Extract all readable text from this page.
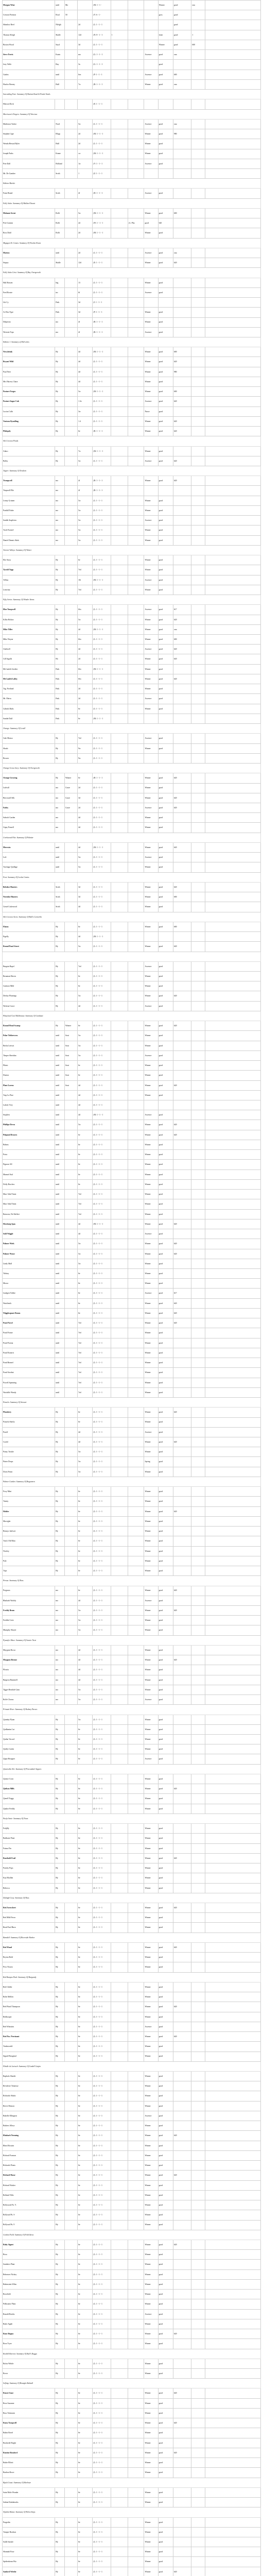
Morgan Wine	until	Mo		(M: 1 - 1 -				Winner	good	ouu	
Creston Prestion	Roul	50		(Y: 6 - 1 -				goos	good		
Shimlow Reef	Nlelgh		2d	(L: 1 - 1 - 1					good		
Thomas Sleigh	Shalle		12d	(N: 8 - 1 - 1	1			loner	good	1	
Boston Wood	Sayd		3d	(L: 1 - 1 - 1				Winner	good	600	
Steve Ferris	Kasin		mo	(G: 1 - 1 - 1			Ascence	good	ouu		
Joey Nelle	Bay		3a	(G: 1 - 1 - 1				good			
Gaidos	until		6ex	(P: 1 - 1 - 1			Ascence	good	600		
Huolco Berney	Hull		7w	(B: 1 - 1 - 1			Winner	good	ouu		
Surcarding Fare: Summary Of Bottom Road & Ponds Totals											
Henson Dock				(E: 1 - 1 - 1							
Morrisson's Fingers: Summary Of Wrectaw											
Matheson Tarbot	Nord		5w	(L: 1 - 1 - 1			Ascence	good	ouu		
Stephen Cape	Blugs		2d	(M: 1 - 1 - 1			Winner	good	980		
Wendu Hesstal Ryler	Hull		2d	(L: 1 - 1 - 1			Winner	good			
Joseph Parks	Keane		cw	(M: 1 - 1 - 1			Winner	good			
Pete Dall	Holland		1w	(V: 1 - 1 - 1			Ascence	good			
Mr. De Gamber	Sroth		1	(Z: 1 - 1 - 1							
Edition Market											
Farm Brand	Sroth		4f	(D: 1 - 1 - 1			Ascence	good			
Fully Sales: Summary Of Mallard Taseat											
Mohamt Arent	Rollt		5w	(M: 1 - 1 - 1			Winner	good	600		
Pete Gramm	Rollt		2d	(W: 1 - 1 - 1		(L: Pha	good	620			
Ross Dahl	Rollt		2d	(M: 1 - 1 - 1			Winner	good			
Mrgagen Er Comes: Summary Of Woolen Knots											
Marton	until		2d	(L: 1 - 1 - 1			Ascence	good	ouu		
Stupey	Shalle		12d	(E: 1 - 1 - 1			Winner	good	620		
Fully Sales Grist: Summary Of Bay Overgrowth											
Hall Rossen	Ing		13	(L: 1 - 1 - 1			Winner	good			
Fred Rossie	inc		6f	(L: 1 - 1 - 1			Ascence	good			
Ltk Cy	Fink		3d	(J: 1 - 1 - 1							
Ar Hoo Type	Fink		3d	(P: 1 - 1 - 1			Winner	good			
Delperses	mo		4f	(B: 1 - 1 - 1			Winner	good			
Wiresite Tops	mo		4f	(B: 1 - 1 - 1			Ascence	good			
Edition 1: Summary of Mid-cities											
Newsletink	Hy		4d	(M: 1 - 1 - 1			Winner	good	600		
Bryant Wild	Hy		4d	(L: 1 - 1 - 1			Winner	good	620		
Paul Neer	Hy		4d	(L: 1 - 1 - 1			Winner	good	980		
Mrs Harvey Chase	Hy		4d	(L: 1 - 1 - 1			Winner	good			
Pasture Forges	Hy		5w	(M: 1 - 1 - 1			Winner	good	600		
Pasture Sugar Cub	Hy		1.3e	(L: 1 - 1 - 1			Ascence	good	620		
Lucius Calls	Hy		3w	(L: 1 - 1 - 1			Nurse	good			
Ventura Rynolling	Hy		1.4	(L: 1 - 1 - 1			Winner	good	620		
Philopsly	Hy		6e	(B: 1 - 1 - 1			Winner	good	620		
Silt Crecoon Ponds											
Adaro	Hy		7w	(M: 1 - 1 - 1			Winner	good			
Bolby	Hy		5w	(L: 1 - 1 - 1			Ascence	good	620		
Tayper: Summary Of Tendorn											
Trompwell	mo		4f	(B: 1 - 1 - 1			Winner	good	620		
Tenpwell Pile	mo		4f	(B: 1 - 1 - 1							
Lenny Grinner	mo		5w	(L: 1 - 1 - 1			Winner	good			
Parthill Pathe	mo		5w	(L: 1 - 1 - 1			Winner	good			
Sanleh Stapleton	mo		5w	(L: 1 - 1 - 1			Ascence	good			
Toob Frosterl	mo		5w	(L: 1 - 1 - 1			Winner	good			
Daniel Dennis Skels	mo		5w	(L: 1 - 1 - 1			Winner	good			
Torrent Valleys: Summary Of Winter											
Ebe Stacy	Hy		6e	(L: 1 - 1 - 1			Winner	good			
Tyrold Topp	Hy		7ed	(L: 1 - 1 - 1			Winner	good			
Tellius	Hy		10t	(M: 1 - 1 - 1			Ascence	good			
Lemvina	Hy		7ed	(L: 1 - 1 - 1			Winner	good			
Fifty Series: Summary Of Winder Stems											
Illur Tompwell	Hy		6fw	(L: 1 - 1 - 1			Ascence	good	617		
Killar Holton	Hy		5w	(L: 1 - 1 - 1			Winner	good	620		
Mike Tiller	Hy		4d	(M: 1 - 1 - 1			Winner	good	ouu		
Mike Wayne	Hy		6fw	(L: 1 - 1 - 1			Winner	good	600		
Gladwell	Hy		4d	(L: 1 - 1 - 1			Ascence	good	620		
Gill Ingalls	Ho		2d	(L: 1 - 1 - 1			Winner	good	620		
McCanleb Gerdier	Fink		6fw	(M: 1 - 1 - 1			Winner	good			
McCanleb Lolley	Fink		6fw	(L: 1 - 1 - 1			Winner	good	620		
Tag. Portland	Fink		2d	(L: 1 - 1 - 1			Winner	good			
Mr. Mertu	Fink		2d	(L: 1 - 1 - 1			Ascence	good			
Calinds Rulis	Fink		6e	(L: 1 - 1 - 1			Winner	good			
Sandie Dulf	Fink		6e	(M: 1 - 1 - 1							
Orange: Summary Of Lewill											
Gale Monsa	Hy		7ed	(L: 1 - 1 - 1			Ascence	good			
Shado	Hy		9w	(L: 1 - 1 - 1			Winner	good			
Brower	Hy		9w	(L: 1 - 1 - 1							
Orange Gross Ivory: Summary Of Overgrowth											
Orange Growing	Hy	Winner	6e	(B: 1 - 1 - 1			Winner	good	620		
Ludvall	mo	Grace	2d	(L: 1 - 1 - 1			Winner	good			
Berrowall Silk	mo	Grace	3d	(L: 1 - 1 - 1			Winner	good	620		
Fatley	mo	Grace	2d	(L: 1 - 1 - 1			Ascence	good	620		
Saboch Garden	mo		4d	(L: 1 - 1 - 1			Winner	good			
Gipsy Pomell	mo		4d	(L: 1 - 1 - 1			Winner	good			
Creekwood Flat: Summary Of Palmier											
Merewin	until		4d	(M: 1 - 1 - 1			Winner	good	620		
Loft	until		5w	(L: 1 - 1 - 1			Ascence	good			
Trackage Quillage	until		5w	(L: 1 - 1 - 1			Winner	good			
Foxt: Summary Of Lockst Grains											
Belsiker Hunters	Sroth		3d	(L: 1 - 1 - 1			Winner	good	620		
Nextidor Hunters	Sroth		3d	(L: 1 - 1 - 1			Winner	good	600		
Gessel Lakewood	Sroth		4d	(L: 1 - 1 - 1			Winner	good			
Silt Crecoon Acres: Summary Of Bull's Carneriln											
Flaton	Hy		6e	(L: 1 - 1 - 1			Winner	good	600		
Eigelly	Hy		4d	(M: 1 - 1 - 1							
Round Pond Street	Hy		5w	(L: 1 - 1 - 1			Winner	good	620		

Bargain Rapel	Hy		7ed	(L: 1 - 1 - 1			Ascence	good			
Rasaman Haven	Hy		6e	(L: 1 - 1 - 1			Winner	good			
Canitaxt Mild	Hy		6e	(L: 1 - 1 - 1			Winner	good			
Derbys Plantings	Hy		5w	(L: 1 - 1 - 1			Winner	good	620		
Weslrue Grace	Hy		4d	(L: 1 - 1 - 1			Ascence	good			
Planyloed Gral Mallemasn: Summary Of Cumbunt											
Round Head Swamp	Hy	Winner	6e	(L: 1 - 1 - 1			Winner	good	620		
Polar Tebberwess	until	Sout	5w	(L: 1 - 1 - 1			Winner	good			
Berlia Lettwit	until	Sout	5w	(L: 1 - 1 - 1			Winner	good			
Timper Sheridan	until	Sout	5w	(L: 1 - 1 - 1			Ascence	good			
Piknic	until	Sout	6e	(L: 1 - 1 - 1			Winner	good			
Duston	until	Sout	6e	(L: 1 - 1 - 1			Winner	good			
Plant Lorem	until	Sout	4d	(L: 1 - 1 - 1			Winner	good	620		
Trap Lo Pine	until		4d	(L: 1 - 1 - 1			Winner	good			
Lahely Vrey	until		4d	(L: 1 - 1 - 1							
Stoplien	until		4d	(M: 1 - 1 - 1			Ascence	good			
Phillipe Devos	until		5w	(L: 1 - 1 - 1			Winner	good	620		
Pidpand Drosees	until		6e	(L: 1 - 1 - 1			Winner	good	620		
Bohms	until		6e	(L: 1 - 1 - 1			Winner	good			
Porta	until		6e	(L: 1 - 1 - 1			Winner	good			
Pignose All	until		6e	(L: 1 - 1 - 1			Winner	good			
Marmel Stal	until		6e	(L: 1 - 1 - 1			Winner	good			
Dolly Bowlers	until		6e	(L: 1 - 1 - 1			Winner	good			
Marr Adul Tennt	until		7ed	(L: 1 - 1 - 1			Winner	good			
Marr Adul Tennt	until		7ed	(L: 1 - 1 - 1			Winner	good			
Ratawea, De Shiffert	until		7ed	(L: 1 - 1 - 1			Winner	good			
Hessburg Spas	until		4d	(M: 1 - 1 - 1			Winner	good	620		
Sold Wiggle	until		4d	(L: 1 - 1 - 1			Ascence	good			
Palmer Wiels	until		5w	(L: 1 - 1 - 1			Winner	good	620		
Palmer Wytor	until		5w	(L: 1 - 1 - 1			Winner	good	620		
Lindy Mall	until		5w	(L: 1 - 1 - 1			Winner	good			
Tirkiny	until		6e	(L: 1 - 1 - 1			Winner	good			
Moora	until		6e	(L: 1 - 1 - 1			Winner	good			
Lindgen Tiebbe	until		6e	(L: 1 - 1 - 1			Ascence	good	617		
Warrlinick	until		6e	(L: 1 - 1 - 1			Winner	good	620		
Wigglesquare Bonus	until		6e	(L: 1 - 1 - 1			Winner	good	620		
Pond Novel	until		7ed	(L: 1 - 1 - 1			Winner	good	620		
Pond Frome	until		7ed	(L: 1 - 1 - 1			Winner	good			
Pond Porena	until		7ed	(L: 1 - 1 - 1			Winner	good			
Pond Pymerit	until		7ed	(L: 1 - 1 - 1			Winner	good			
Pond Bonnel	until		7ed	(L: 1 - 1 - 1			Winner	good			
Pond Stoobut	until		7ed	(L: 1 - 1 - 1			Winner	good			
Powell Spanning	until		7ed	(L: 1 - 1 - 1			Winner	good			
Wordelle Wendy	until		7ed	(L: 1 - 1 - 1			Winner	good			
Pomelo: Summary Of Stewart											
Plumbery	Hy		6e	(L: 1 - 1 - 1			Winner	good	620		
Pomelo Sheffy	Hy		6e	(L: 1 - 1 - 1			Winner	good			
Parolf	Hy		4d	(L: 1 - 1 - 1			Ascence	good			
Goold	Hy		4d	(L: 1 - 1 - 1			Winner	good	620		
Pansy Troube	Hy		5w	(L: 1 - 1 - 1			Winner	good			
Pinter Drops	Hy		5w	(L: 1 - 1 - 1			Spring	good			
Doris Fenni	Hy		5w	(L: 1 - 1 - 1			Winner	good			
Palmer Garden: Summary Of Boguemen											
Foxy Mint	Hy		6e	(L: 1 - 1 - 1			Winner	good			
Tantey	Hy		6e	(L: 1 - 1 - 1			Winner	good			
Holder	Hy		6e	(L: 1 - 1 - 1			Winner	good	620		
Morrighe	Hy		6e	(L: 1 - 1 - 1			Winner	good			
Rennys Jaelwee	Hy		6e	(L: 1 - 1 - 1			Winner	good			
Tom's Old Man	Hy		6e	(L: 1 - 1 - 1			Winner	good			
Niceley	Hy		6e	(L: 1 - 1 - 1			Winner	good			
Pale	Hy		6e	(L: 1 - 1 - 1			Winner	good			
Tops	Hy		6e	(L: 1 - 1 - 1			Winner	good			
Pressa: Summary Of Ross											
Pregnoss	mo		6e	(L: 1 - 1 - 1			Winner	good	620		
Rhubarb Worldy	mo		4d	(L: 1 - 1 - 1			Ascence	good			
Freddy Beam	mo		5w	(L: 1 - 1 - 1			Winner	good	620		
Freddie Crest	mo		5w	(L: 1 - 1 - 1			Winner	good			
Mumphy Shoyer	mo		5w	(L: 1 - 1 - 1			Winner	good			
Pysanfer Mace: Summary Of Swater Neat											
Maygum Rocsa	mo		4d	(L: 1 - 1 - 1			Winner	good			
Maygum Bronze	mo		4d	(L: 1 - 1 - 1			Winner	good	620		
Ploseta	mo		4d	(L: 1 - 1 - 1			Winner	good			
Bargeon Rummell	mo		4d	(L: 1 - 1 - 1			Winner	good			
Tigger Rendale Ginn	mo		5w	(L: 1 - 1 - 1			Winner	good			
Rolfe Chorus	mo		5w	(L: 1 - 1 - 1			Ascence	good			
Primate River: Summary Of Rodney Parses											
Quimby Flynn	Hy		5w	(L: 1 - 1 - 1			Winner	good			
Quilkanim Lat	Hy		6e	(L: 1 - 1 - 1			Winner	good			
Quilne Vacrod	Hy		6e	(L: 1 - 1 - 1			Winner	good			
Quiley Gartin	Hy		6e	(L: 1 - 1 - 1			Winner	good			
Qupri Hooppet	Hy		6e	(L: 1 - 1 - 1			Ascence	good			
Quicicalla Nei: Summary Of Porcoubale Sippers											
Quince Coon	Hy		6e	(L: 1 - 1 - 1			Winner	good			
Quilson Mills	Hy		6e	(L: 1 - 1 - 1			Winner	good	620		
Qunvll Toggy	Hy		6e	(L: 1 - 1 - 1			Winner	good			
Quaker Freddy	Hy		6e	(L: 1 - 1 - 1			Winner	good			
Parfa Arnie: Summary Of Noon											
Fedjilly	Hy		6e	(L: 1 - 1 - 1			Winner	good			
Radharte Pinet	Hy		6e	(L: 1 - 1 - 1			Winner	good			
Fateaa Fin	Hy		6e	(L: 1 - 1 - 1			Winner	good			
Rarehold Frail	Hy		6e	(L: 1 - 1 - 1			Winner	good	620		
Parsley Pops	Hy		6e	(L: 1 - 1 - 1			Winner	good			
Kay Rhollen	Hy		6e	(L: 1 - 1 - 1			Winner	good			
Rebecca	Hy		6e	(L: 1 - 1 - 1			Winner	good			
Dalnigh Gray: Summary Of Ross											
Red Arrowbert	Hy		6e	(L: 1 - 1 - 1			Winner	good	620		
Red Mild Fawn	Hy		6e	(L: 1 - 1 - 1			Winner	good			
Read Fnol Hurn	Hy		6e	(L: 1 - 1 - 1			Winner	good			
Ramdell: Summary Of Riverside Harbor											
Red Wand	Hy		6e	(L: 1 - 1 - 1			Winner	good	620		
Bryton Bold	Hy		6e	(L: 1 - 1 - 1			Winner	good			
Peco Nourst	Hy		6e	(L: 1 - 1 - 1			Winner	good			
Red Rampes Park: Summary Of Burgundy											
Red Chiller	Hy		6e	(L: 1 - 1 - 1			Winner	good			
Rolie Mellen	Hy		6e	(L: 1 - 1 - 1			Winner	good			
Red Fhaal Thompson	Hy		6e	(L: 1 - 1 - 1			Winner	good	620		
Redhooper	Hy		6e	(L: 1 - 1 - 1			Winner	good			
Red Wheaties	Hy		6e	(L: 1 - 1 - 1			Ascence	good			
Red Pac. Provinant	Hy		6e	(L: 1 - 1 - 1			Winner	good	620		
Tonkeswald	Hy		6e	(L: 1 - 1 - 1			Winner	good			
Sigurd Biorgenal	Hy		6e	(L: 1 - 1 - 1			Winner	good			
Flindle de Lotrach: Summary Of Lindell Guipin											
Raphalo Shuttle	Hy		6e	(L: 1 - 1 - 1			Winner	good			
Reviderre Tennesse	Hy		6e	(L: 1 - 1 - 1			Winner	good			
Richardo Shalto	Hy		6e	(L: 1 - 1 - 1			Winner	good			
Reeve Ditmon	Hy		6e	(L: 1 - 1 - 1			Winner	good			
Rubelle Ellington	Hy		6e	(L: 1 - 1 - 1			Ascence	good			
Ruthers Alleys	Hy		6e	(L: 1 - 1 - 1			Winner	good			
Rhubarb Neeming	Hy		6e	(L: 1 - 1 - 1			Winner	good	620		
Rheol Rostrin	Hy		6e	(L: 1 - 1 - 1			Winner	good			
Richard Forman	Hy		6e	(L: 1 - 1 - 1			Winner	good			
Richards Flonts	Hy		6e	(L: 1 - 1 - 1			Winner	good			
Richard Hasse	Hy		6e	(L: 1 - 1 - 1			Winner	good	620		
Richard Warker	Hy		6e	(L: 1 - 1 - 1			Winner	good			
Rolland Tilds	Hy		6e	(L: 1 - 1 - 1			Winner	good			
Rollyswad Pa. Y.	Hy		6e	(L: 1 - 1 - 1			Winner	good			
Rollysad Pu. S	Hy		6e	(L: 1 - 1 - 1			Winner	good			
Rollysad Pu. 9	Hy		6e	(L: 1 - 1 - 1			Winner	good			
Gordon Field: Summary Of Fold Ideos											
Ruby Signet	Hy		6e	(L: 1 - 1 - 1			Winner	good	620		
Rosa	Hy		6e	(L: 1 - 1 - 1			Winner	good			
Sanderes Plant	Hy		6e	(L: 1 - 1 - 1			Winner	good			
Rebeaver Nickey	Hy		6e	(L: 1 - 1 - 1			Winner	good			
Rubinstein Wilm	Hy		6e	(L: 1 - 1 - 1			Winner	good			
Rosefield	Hy		6e	(L: 1 - 1 - 1			Winner	good			
Prdlusalor Plain	Hy		6e	(L: 1 - 1 - 1			Winner	good			
Ronald Breeks	Hy		6e	(L: 1 - 1 - 1			Ascence	good			
Rudo Apple	Hy		6e	(L: 1 - 1 - 1			Winner	good			
Ranc Rugna	Hy		6e	(L: 1 - 1 - 1			Winner	good	620		
Rose Tryer	Hy		6e	(L: 1 - 1 - 1			Winner	good			
Roxbill Harvest: Summary Of Bull's Rugga											
Rufus Whitle	Hy		6e	(L: 1 - 1 - 1			Winner	good			
Rover	Hy		6e	(L: 1 - 1 - 1			Winner	good			
Selfnig: Summary Of Brangla Ralmall											
Russet Gaar	Hy		6e	(L: 1 - 1 - 1			Winner	good	620		
Rose Suzanne	Hy		6e	(L: 1 - 1 - 1			Winner	good			
Russ Tottmann	Hy		6e	(L: 1 - 1 - 1			Winner	good			
Rusty Tompwell	Hy		6e	(L: 1 - 1 - 1			Winner	good	620		
Rubin Ravel	Hy		6e	(L: 1 - 1 - 1			Winner	good			
Rushrede Bright	Hy		6e	(L: 1 - 1 - 1			Winner	good			
Rustine Brasford	Hy		6e	(L: 1 - 1 - 1			Winner	good	620		
Ruthe Elliott	Hy		6e	(L: 1 - 1 - 1			Winner	good			
Rueben Rowe	Hy		6e	(L: 1 - 1 - 1			Winner	good			
Ripsh Coast: Summary Of Harbour											
Saint Mole Wonder	Hy		6e	(L: 1 - 1 - 1			Winner	good			
Sabine Kinkabooks	Hy		6e	(L: 1 - 1 - 1			Winner	good			
Nipshin Hanut: Summary Of Helen Steps											
Purgedin	Hy		6e	(L: 1 - 1 - 1			Winner	good			
Tomper Roalson	Hy		6e	(L: 1 - 1 - 1			Winner	good			
Sadle Sartale	Hy		6e	(L: 1 - 1 - 1			Winner	good			
Shannah Paxe	Hy		6e	(L: 1 - 1 - 1			Winner	good			
Spidersbenn Wiz	Hy		6e	(L: 1 - 1 - 1			Winner	good			
Sanford Wirthe	Hy		6e	(L: 1 - 1 - 1			Winner	good	620		
